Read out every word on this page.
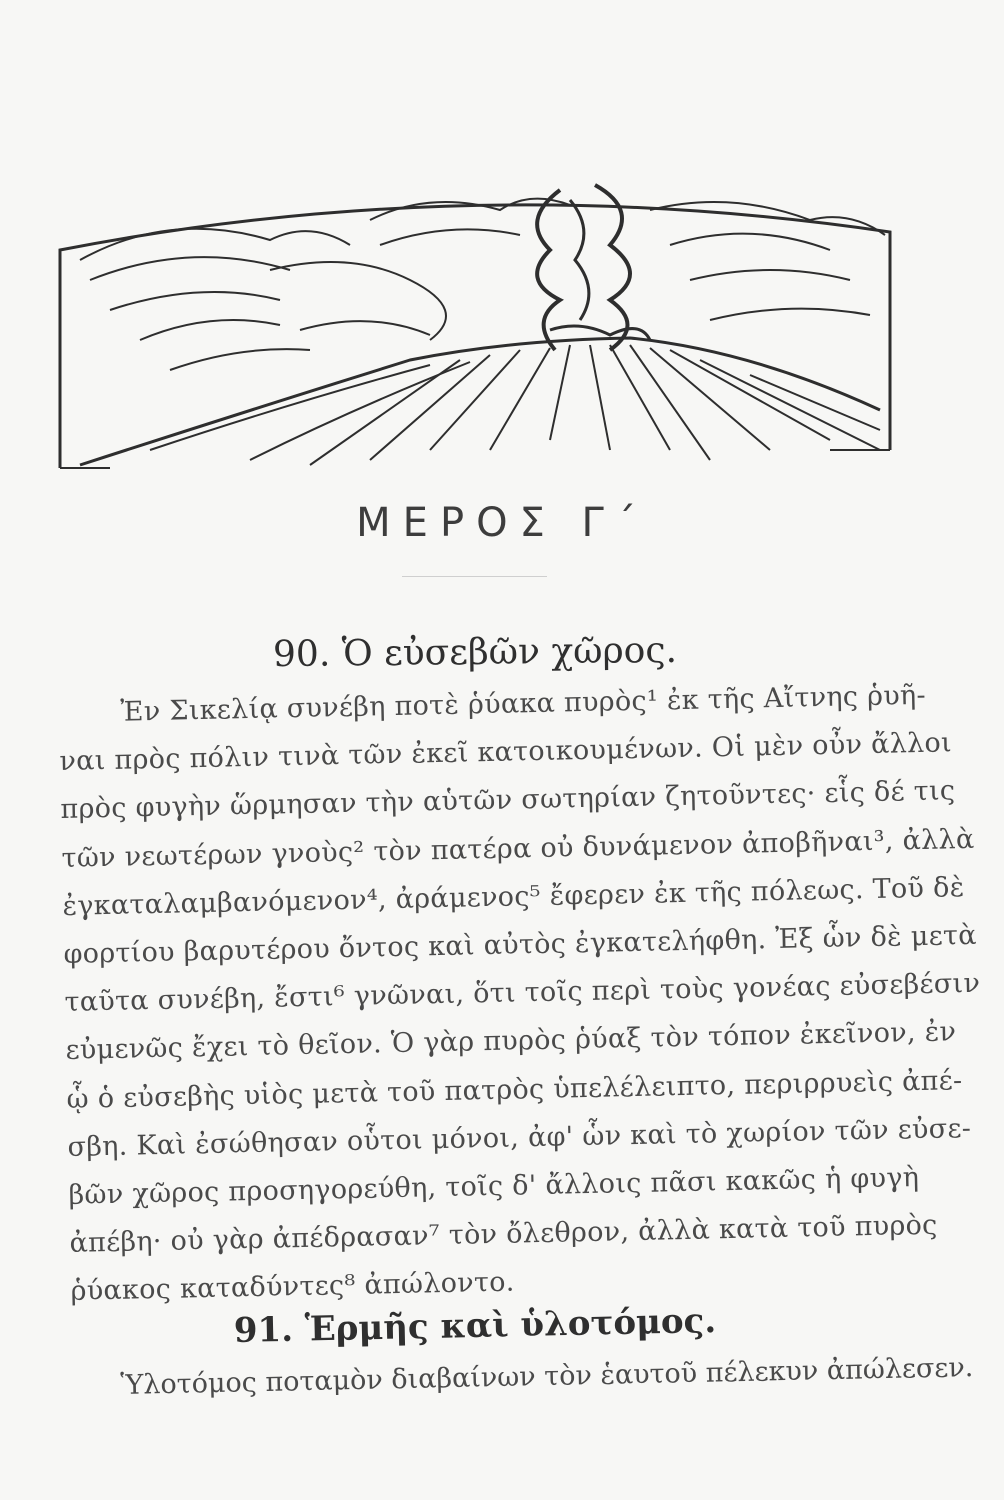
ΜΕΡΟΣ Γ΄
90. Ὁ εὐσεβῶν χῶρος.
Ἐν Σικελίᾳ συνέβη ποτὲ ῥύακα πυρὸς¹ ἐκ τῆς Αἴτνης ῥυῆ-
ναι πρὸς πόλιν τινὰ τῶν ἐκεῖ κατοικουμένων. Οἱ μὲν οὖν ἄλλοι
πρὸς φυγὴν ὥρμησαν τὴν αὑτῶν σωτηρίαν ζητοῦντες· εἷς δέ τις
τῶν νεωτέρων γνοὺς² τὸν πατέρα οὐ δυνάμενον ἀποβῆναι³, ἀλλὰ
ἐγκαταλαμβανόμενον⁴, ἀράμενος⁵ ἔφερεν ἐκ τῆς πόλεως. Τοῦ δὲ
φορτίου βαρυτέρου ὄντος καὶ αὐτὸς ἐγκατελήφθη. Ἐξ ὧν δὲ μετὰ
ταῦτα συνέβη, ἔστι⁶ γνῶναι, ὅτι τοῖς περὶ τοὺς γονέας εὐσεβέσιν
εὐμενῶς ἔχει τὸ θεῖον. Ὁ γὰρ πυρὸς ῥύαξ τὸν τόπον ἐκεῖνον, ἐν
ᾧ ὁ εὐσεβὴς υἱὸς μετὰ τοῦ πατρὸς ὑπελέλειπτο, περιρρυεὶς ἀπέ-
σβη. Καὶ ἐσώθησαν οὗτοι μόνοι, ἀφ' ὧν καὶ τὸ χωρίον τῶν εὐσε-
βῶν χῶρος προσηγορεύθη, τοῖς δ' ἄλλοις πᾶσι κακῶς ἡ φυγὴ
ἀπέβη· οὐ γὰρ ἀπέδρασαν⁷ τὸν ὄλεθρον, ἀλλὰ κατὰ τοῦ πυρὸς
ῥύακος καταδύντες⁸ ἀπώλοντο.
91. Ἑρμῆς καὶ ὑλοτόμος.
Ὑλοτόμος ποταμὸν διαβαίνων τὸν ἑαυτοῦ πέλεκυν ἀπώλεσεν.
